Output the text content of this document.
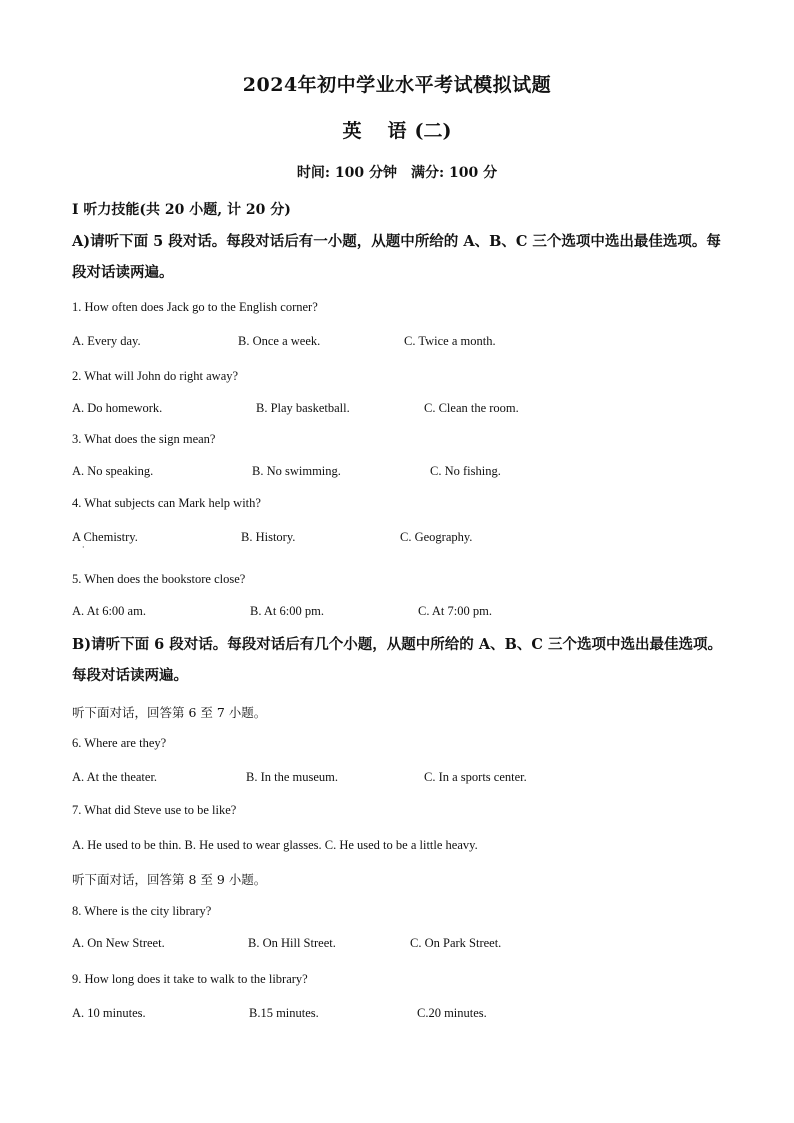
2024年初中学业水平考试模拟试题
英 语 (二)
时间: 100 分钟 满分: 100 分
I 听力技能(共 20 小题, 计 20 分)
A)请听下面 5 段对话。每段对话后有一小题，从题中所给的 A、B、C 三个选项中选出最佳选项。每段对话读两遍。
1. How often does Jack go to the English corner?
A. Every day.	B. Once a week.	C. Twice a month.
2. What will John do right away?
A. Do homework.	B. Play basketball.	C. Clean the room.
3. What does the sign mean?
A. No speaking.	B. No swimming.	C. No fishing.
4. What subjects can Mark help with?
A Chemistry.
·
B. History.	C. Geography.
5. When does the bookstore close?
A. At 6:00 am.	B. At 6:00 pm.	C. At 7:00 pm.
B)请听下面 6 段对话。每段对话后有几个小题，从题中所给的 A、B、C 三个选项中选出最佳选项。每段对话读两遍。
听下面对话，回答第 6 至 7 小题。
6. Where are they?
A. At the theater.	B. In the museum.	C. In a sports center.
7. What did Steve use to be like?
A. He used to be thin. B. He used to wear glasses. C. He used to be a little heavy.
听下面对话，回答第 8 至 9 小题。
8. Where is the city library?
A. On New Street.	B. On Hill Street.	C. On Park Street.
9. How long does it take to walk to the library?
A. 10 minutes.	B.15 minutes.	C.20 minutes.
